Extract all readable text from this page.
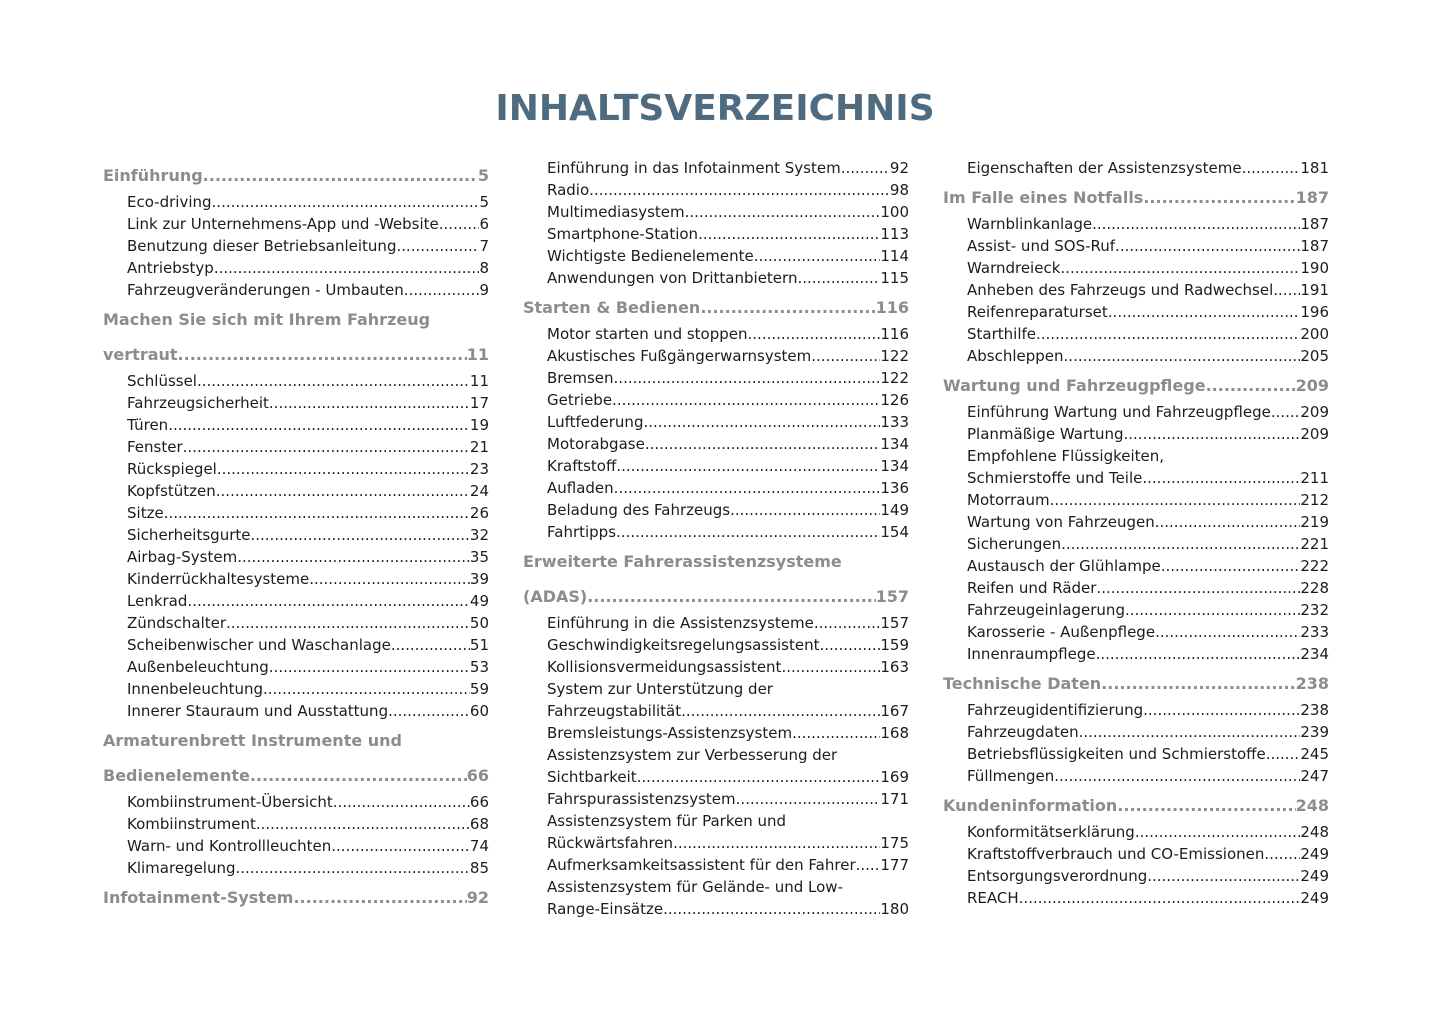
INHALTSVERZEICHNIS
Einführung .....	5
Eco-driving .....	5
Link zur Unternehmens-App und -Website .....	6
Benutzung dieser Betriebsanleitung .....	7
Antriebstyp .....	8
Fahrzeugveränderungen - Umbauten .....	9
Machen Sie sich mit Ihrem Fahrzeug
vertraut .....	11
Schlüssel .....	11
Fahrzeugsicherheit .....	17
Türen .....	19
Fenster .....	21
Rückspiegel .....	23
Kopfstützen .....	24
Sitze .....	26
Sicherheitsgurte .....	32
Airbag-System .....	35
Kinderrückhaltesysteme .....	39
Lenkrad .....	49
Zündschalter .....	50
Scheibenwischer und Waschanlage .....	51
Außenbeleuchtung .....	53
Innenbeleuchtung .....	59
Innerer Stauraum und Ausstattung .....	60
Armaturenbrett Instrumente und
Bedienelemente .....	66
Kombiinstrument-Übersicht .....	66
Kombiinstrument .....	68
Warn- und Kontrollleuchten .....	74
Klimaregelung .....	85
Infotainment-System .....	92
Einführung in das Infotainment System .....	92
Radio .....	98
Multimediasystem .....	100
Smartphone-Station .....	113
Wichtigste Bedienelemente .....	114
Anwendungen von Drittanbietern .....	115
Starten & Bedienen .....	116
Motor starten und stoppen .....	116
Akustisches Fußgängerwarnsystem .....	122
Bremsen .....	122
Getriebe .....	126
Luftfederung .....	133
Motorabgase .....	134
Kraftstoff .....	134
Aufladen .....	136
Beladung des Fahrzeugs .....	149
Fahrtipps .....	154
Erweiterte Fahrerassistenzsysteme
(ADAS) .....	157
Einführung in die Assistenzsysteme .....	157
Geschwindigkeitsregelungsassistent .....	159
Kollisionsvermeidungsassistent .....	163
System zur Unterstützung der
Fahrzeugstabilität .....	167
Bremsleistungs-Assistenzsystem .....	168
Assistenzsystem zur Verbesserung der
Sichtbarkeit .....	169
Fahrspurassistenzsystem .....	171
Assistenzsystem für Parken und
Rückwärtsfahren .....	175
Aufmerksamkeitsassistent für den Fahrer ..... 177
Assistenzsystem für Gelände- und Low-
Range-Einsätze .....	180
Eigenschaften der Assistenzsysteme .....	181
Im Falle eines Notfalls .....	187
Warnblinkanlage .....	187
Assist- und SOS-Ruf .....	187
Warndreieck .....	190
Anheben des Fahrzeugs und Radwechsel ..... 191
Reifenreparaturset .....	196
Starthilfe .....	200
Abschleppen .....	205
Wartung und Fahrzeugpflege .....	209
Einführung Wartung und Fahrzeugpflege ..... 209
Planmäßige Wartung .....	209
Empfohlene Flüssigkeiten,
Schmierstoffe und Teile .....	211
Motorraum .....	212
Wartung von Fahrzeugen .....	219
Sicherungen .....	221
Austausch der Glühlampe .....	222
Reifen und Räder .....	228
Fahrzeugeinlagerung .....	232
Karosserie - Außenpflege .....	233
Innenraumpflege .....	234
Technische Daten .....	238
Fahrzeugidentifizierung .....	238
Fahrzeugdaten .....	239
Betriebsflüssigkeiten und Schmierstoffe ..... 245
Füllmengen .....	247
Kundeninformation .....	248
Konformitätserklärung .....	248
Kraftstoffverbrauch und CO-Emissionen ..... 249
Entsorgungsverordnung .....	249
REACH .....	249
